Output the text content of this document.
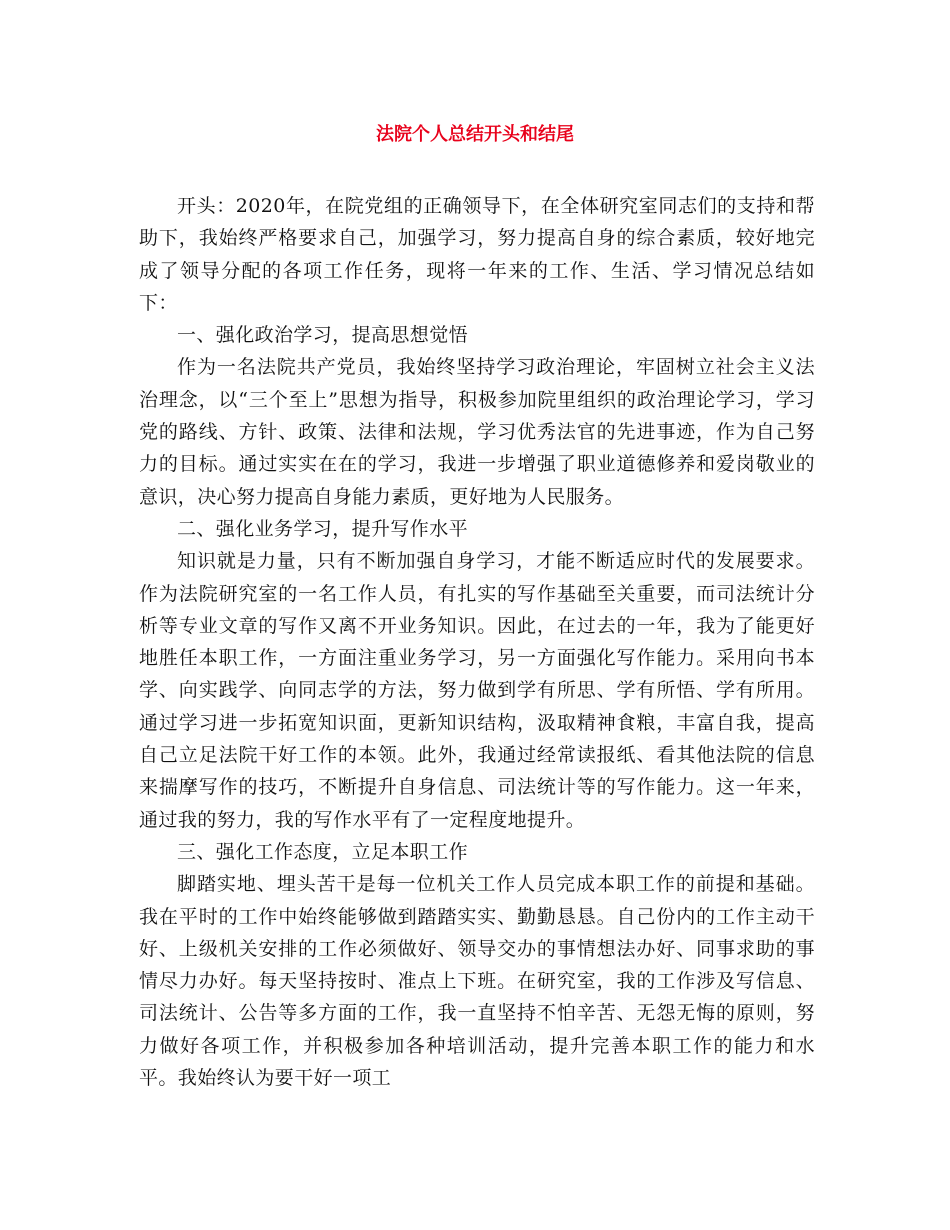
法院个人总结开头和结尾

开头：2020年，在院党组的正确领导下，在全体研究室同志们的支持和帮助下，我始终严格要求自己，加强学习，努力提高自身的综合素质，较好地完成了领导分配的各项工作任务，现将一年来的工作、生活、学习情况总结如下：

一、强化政治学习，提高思想觉悟

作为一名法院共产党员，我始终坚持学习政治理论，牢固树立社会主义法治理念，以“三个至上”思想为指导，积极参加院里组织的政治理论学习，学习党的路线、方针、政策、法律和法规，学习优秀法官的先进事迹，作为自己努力的目标。通过实实在在的学习，我进一步增强了职业道德修养和爱岗敬业的意识，决心努力提高自身能力素质，更好地为人民服务。

二、强化业务学习，提升写作水平

知识就是力量，只有不断加强自身学习，才能不断适应时代的发展要求。作为法院研究室的一名工作人员，有扎实的写作基础至关重要，而司法统计分析等专业文章的写作又离不开业务知识。因此，在过去的一年，我为了能更好地胜任本职工作，一方面注重业务学习，另一方面强化写作能力。采用向书本学、向实践学、向同志学的方法，努力做到学有所思、学有所悟、学有所用。通过学习进一步拓宽知识面，更新知识结构，汲取精神食粮，丰富自我，提高自己立足法院干好工作的本领。此外，我通过经常读报纸、看其他法院的信息来揣摩写作的技巧，不断提升自身信息、司法统计等的写作能力。这一年来，通过我的努力，我的写作水平有了一定程度地提升。

三、强化工作态度，立足本职工作

脚踏实地、埋头苦干是每一位机关工作人员完成本职工作的前提和基础。我在平时的工作中始终能够做到踏踏实实、勤勤恳恳。自己份内的工作主动干好、上级机关安排的工作必须做好、领导交办的事情想法办好、同事求助的事情尽力办好。每天坚持按时、准点上下班。在研究室，我的工作涉及写信息、司法统计、公告等多方面的工作，我一直坚持不怕辛苦、无怨无悔的原则，努力做好各项工作，并积极参加各种培训活动，提升完善本职工作的能力和水平。我始终认为要干好一项工
